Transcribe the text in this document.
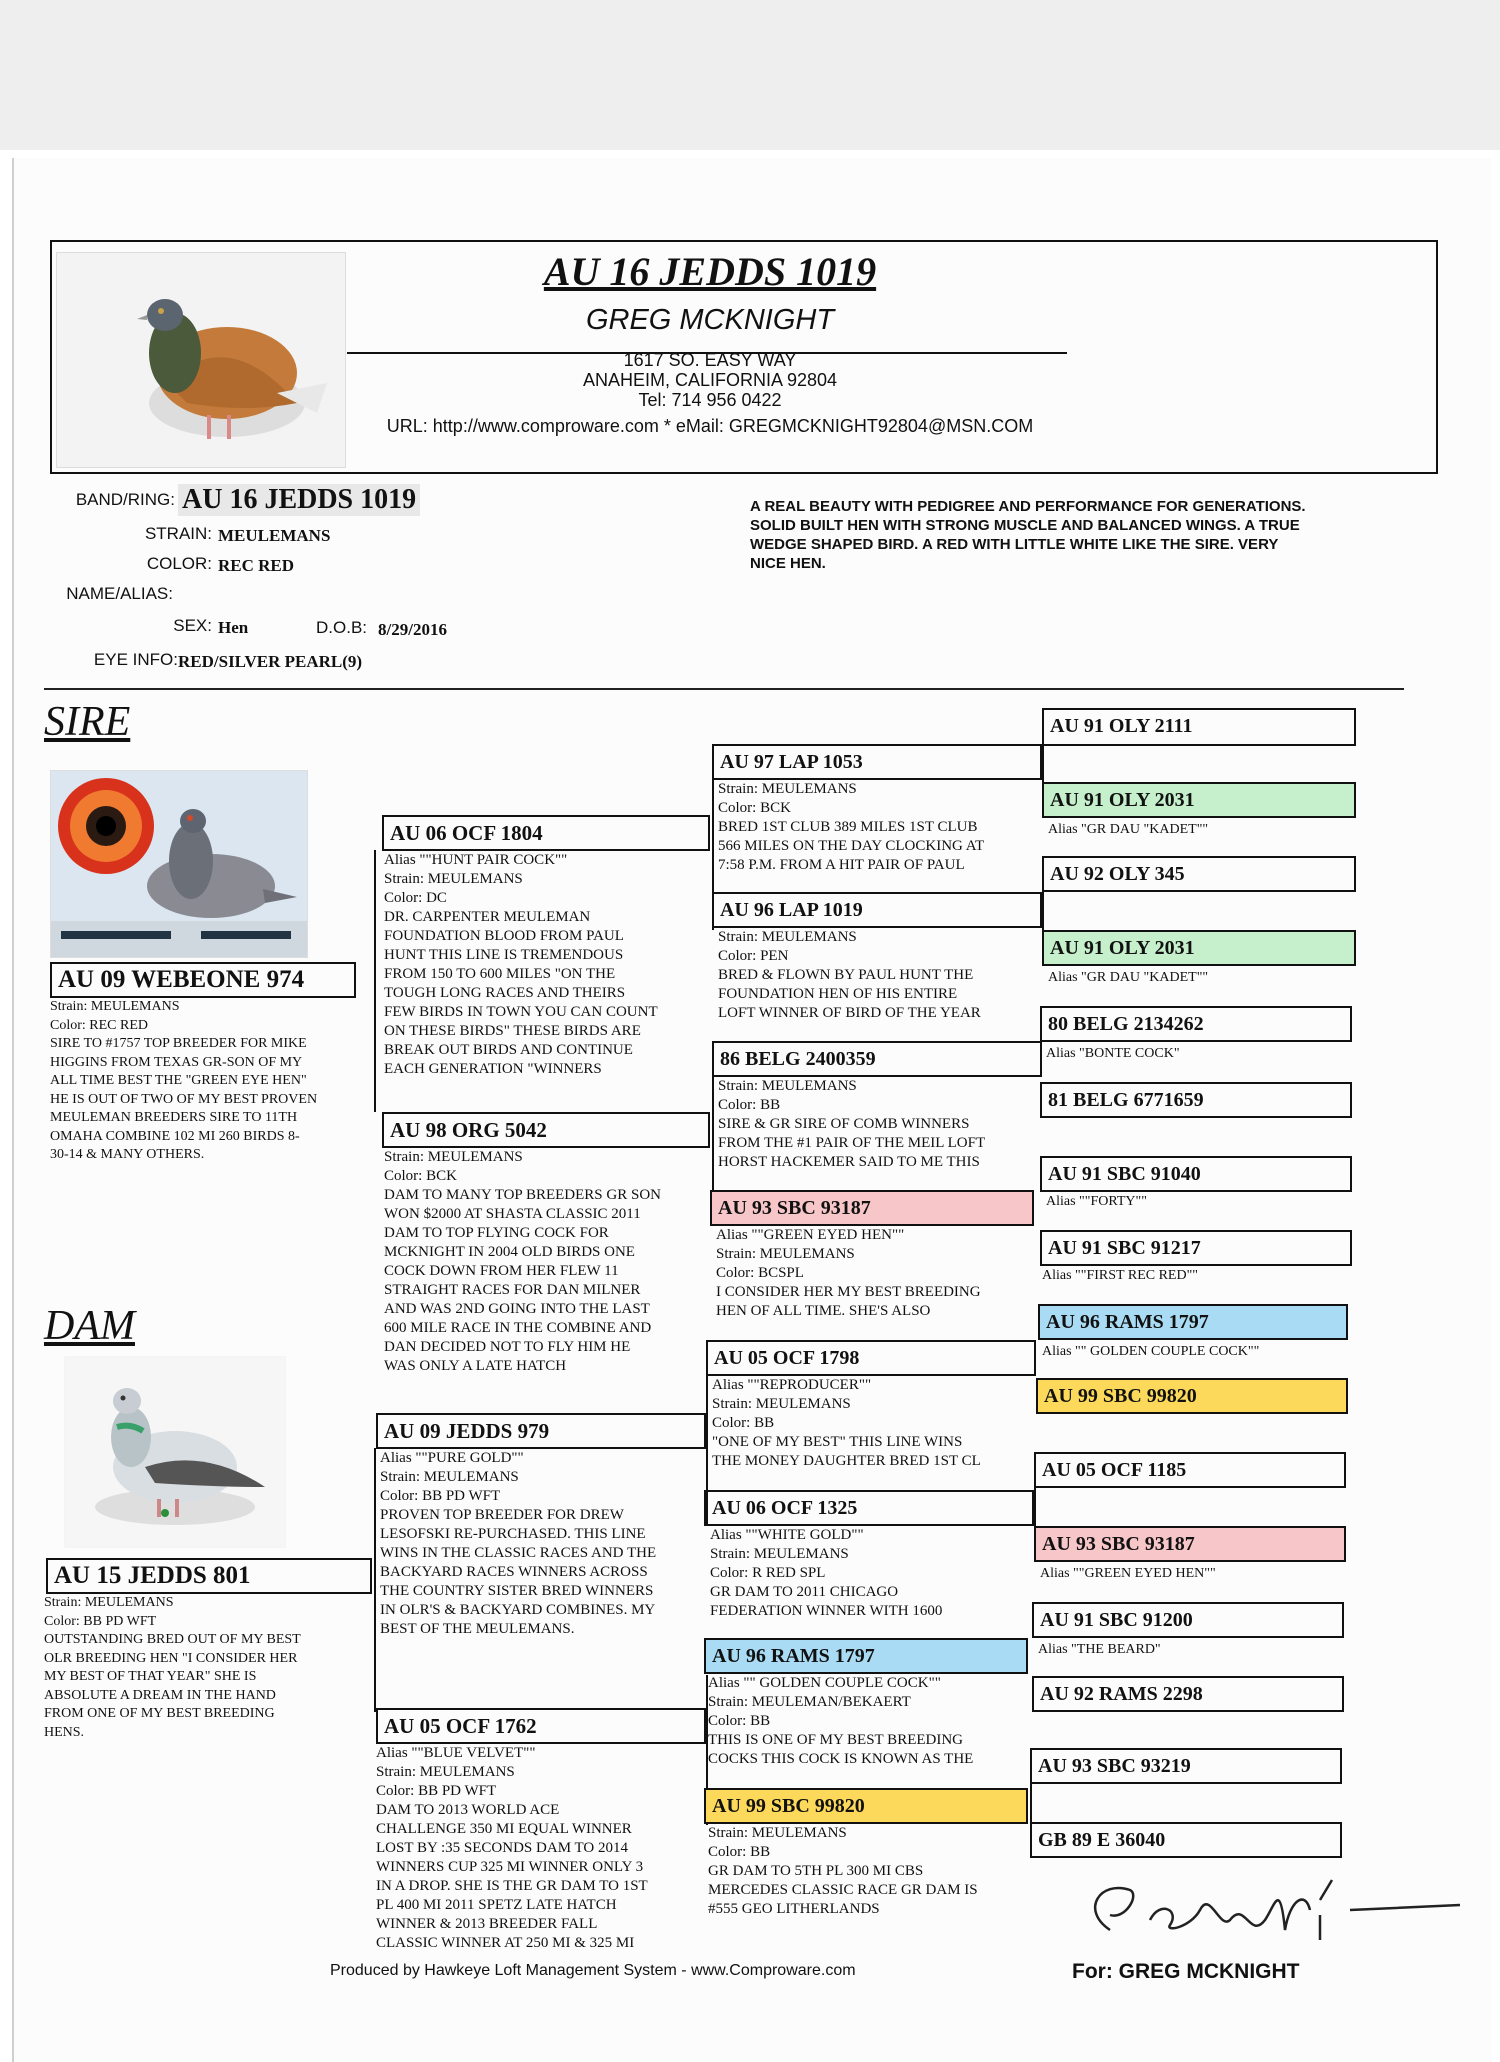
AU 16 JEDDS 1019
GREG MCKNIGHT
1617 SO. EASY WAY
ANAHEIM, CALIFORNIA 92804
Tel: 714 956 0422
URL: http://www.comproware.com * eMail: GREGMCKNIGHT92804@MSN.COM
BAND/RING: AU 16 JEDDS 1019
STRAIN: MEULEMANS
COLOR: REC RED
NAME/ALIAS:
SEX: Hen	D.O.B: 8/29/2016
EYE INFO: RED/SILVER PEARL(9)
A REAL BEAUTY WITH PEDIGREE AND PERFORMANCE FOR GENERATIONS. SOLID BUILT HEN WITH STRONG MUSCLE AND BALANCED WINGS. A TRUE WEDGE SHAPED BIRD. A RED WITH LITTLE WHITE LIKE THE SIRE. VERY NICE HEN.
SIRE
DAM
AU 09 WEBEONE 974
Strain: MEULEMANS
Color: REC RED
SIRE TO #1757 TOP BREEDER FOR MIKE
HIGGINS FROM TEXAS GR-SON OF MY
ALL TIME BEST THE "GREEN EYE HEN"
HE IS OUT OF TWO OF MY BEST PROVEN
MEULEMAN BREEDERS SIRE TO 11TH
OMAHA COMBINE 102 MI 260 BIRDS 8-
30-14 & MANY OTHERS.
AU 15 JEDDS 801
Strain: MEULEMANS
Color: BB PD WFT
OUTSTANDING BRED OUT OF MY BEST
OLR BREEDING HEN "I CONSIDER HER
MY BEST OF THAT YEAR" SHE IS
ABSOLUTE A DREAM IN THE HAND
FROM ONE OF MY BEST BREEDING
HENS.
AU 06 OCF 1804
Alias ""HUNT PAIR COCK""
Strain: MEULEMANS
Color: DC
DR. CARPENTER MEULEMAN
FOUNDATION BLOOD FROM PAUL
HUNT THIS LINE IS TREMENDOUS
FROM 150 TO 600 MILES "ON THE
TOUGH LONG RACES AND THEIRS
FEW BIRDS IN TOWN YOU CAN COUNT
ON THESE BIRDS" THESE BIRDS ARE
BREAK OUT BIRDS AND CONTINUE
EACH GENERATION "WINNERS
AU 98 ORG 5042
Strain: MEULEMANS
Color: BCK
DAM TO MANY TOP BREEDERS GR SON
WON $2000 AT SHASTA CLASSIC 2011
DAM TO TOP FLYING COCK FOR
MCKNIGHT IN 2004 OLD BIRDS ONE
COCK DOWN FROM HER FLEW 11
STRAIGHT RACES FOR DAN MILNER
AND WAS 2ND GOING INTO THE LAST
600 MILE RACE IN THE COMBINE AND
DAN DECIDED NOT TO FLY HIM HE
WAS ONLY A LATE HATCH
AU 09 JEDDS 979
Alias ""PURE GOLD""
Strain: MEULEMANS
Color: BB PD WFT
PROVEN TOP BREEDER FOR DREW
LESOFSKI RE-PURCHASED. THIS LINE
WINS IN THE CLASSIC RACES AND THE
BACKYARD RACES WINNERS ACROSS
THE COUNTRY SISTER BRED WINNERS
IN OLR'S & BACKYARD COMBINES. MY
BEST OF THE MEULEMANS.
AU 05 OCF 1762
Alias ""BLUE VELVET""
Strain: MEULEMANS
Color: BB PD WFT
DAM TO 2013 WORLD ACE
CHALLENGE 350 MI EQUAL WINNER
LOST BY :35 SECONDS DAM TO 2014
WINNERS CUP 325 MI WINNER ONLY 3
IN A DROP. SHE IS THE GR DAM TO 1ST
PL 400 MI 2011 SPETZ LATE HATCH
WINNER & 2013 BREEDER FALL
CLASSIC WINNER AT 250 MI & 325 MI
AU 97 LAP 1053
Strain: MEULEMANS
Color: BCK
BRED 1ST CLUB 389 MILES 1ST CLUB
566 MILES ON THE DAY CLOCKING AT
7:58 P.M. FROM A HIT PAIR OF PAUL
AU 96 LAP 1019
Strain: MEULEMANS
Color: PEN
BRED & FLOWN BY PAUL HUNT THE
FOUNDATION HEN OF HIS ENTIRE
LOFT WINNER OF BIRD OF THE YEAR
86 BELG 2400359
Strain: MEULEMANS
Color: BB
SIRE & GR SIRE OF COMB WINNERS
FROM THE #1 PAIR OF THE MEIL LOFT
HORST HACKEMER SAID TO ME THIS
AU 93 SBC 93187
Alias ""GREEN EYED HEN""
Strain: MEULEMANS
Color: BCSPL
I CONSIDER HER MY BEST BREEDING
HEN OF ALL TIME. SHE'S ALSO
AU 05 OCF 1798
Alias ""REPRODUCER""
Strain: MEULEMANS
Color: BB
"ONE OF MY BEST" THIS LINE WINS
THE MONEY DAUGHTER BRED 1ST CL
AU 06 OCF 1325
Alias ""WHITE GOLD""
Strain: MEULEMANS
Color: R RED SPL
GR DAM TO 2011 CHICAGO
FEDERATION WINNER WITH 1600
AU 96 RAMS 1797
Alias "" GOLDEN COUPLE COCK""
Strain: MEULEMAN/BEKAERT
Color: BB
THIS IS ONE OF MY BEST BREEDING
COCKS THIS COCK IS KNOWN AS THE
AU 99 SBC 99820
Strain: MEULEMANS
Color: BB
GR DAM TO 5TH PL 300 MI CBS
MERCEDES CLASSIC RACE GR DAM IS
#555 GEO LITHERLANDS
AU 91 OLY 2111
AU 91 OLY 2031
Alias "GR DAU "KADET""
AU 92 OLY 345
AU 91 OLY 2031
Alias "GR DAU "KADET""
80 BELG 2134262
Alias "BONTE COCK"
81 BELG 6771659
AU 91 SBC 91040
Alias ""FORTY""
AU 91 SBC 91217
Alias ""FIRST REC RED""
AU 96 RAMS 1797
Alias "" GOLDEN COUPLE COCK""
AU 99 SBC 99820
AU 05 OCF 1185
AU 93 SBC 93187
Alias ""GREEN EYED HEN""
AU 91 SBC 91200
Alias "THE BEARD"
AU 92 RAMS 2298
AU 93 SBC 93219
GB 89 E 36040
Produced by Hawkeye Loft Management System - www.Comproware.com	For: GREG MCKNIGHT
